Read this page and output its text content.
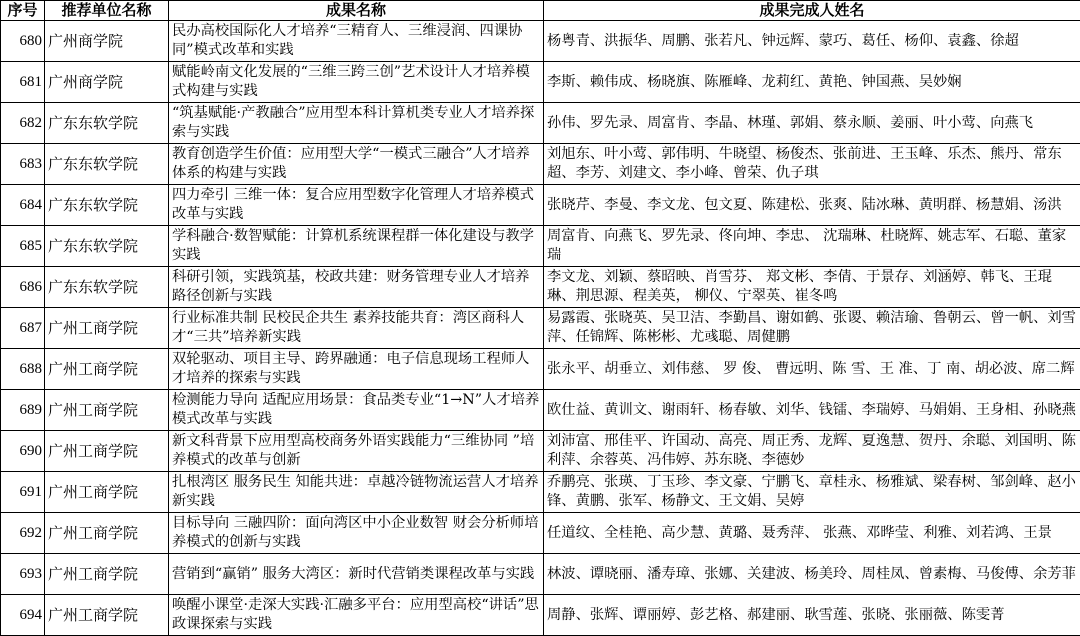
序号	推荐单位名称	成果名称	成果完成人姓名
680	广州商学院	民办高校国际化人才培养“三精育人、三维浸润、四课协同”模式改革和实践	杨粤青、洪振华、周鹏、张若凡、钟远辉、蒙巧、葛任、杨仰、袁鑫、徐超
681	广州商学院	赋能岭南文化发展的“三维三跨三创”艺术设计人才培养模式构建与实践	李斯、赖伟成、杨晓旗、陈雁峰、龙莉红、黄艳、钟国燕、吴妙娴
682	广东东软学院	“筑基赋能·产教融合”应用型本科计算机类专业人才培养探索与实践	孙伟、罗先录、周富肯、李晶、林瑾、郭娟、蔡永顺、姜丽、叶小莺、向燕飞
683	广东东软学院	教育创造学生价值：应用型大学“一模式三融合”人才培养体系的构建与实践	刘旭东、叶小莺、郭伟明、牛晓望、杨俊杰、张前进、王玉峰、乐杰、熊丹、常东超、李芳、刘建文、李小峰、曾荣、仇子琪
684	广东东软学院	四力牵引 三维一体：复合应用型数字化管理人才培养模式改革与实践	张晓芹、李曼、李文龙、包文夏、陈建松、张爽、陆冰琳、黄明群、杨慧娟、汤洪
685	广东东软学院	学科融合·数智赋能：计算机系统课程群一体化建设与教学实践	周富肯、向燕飞、罗先录、佟向坤、李忠、 沈瑞琳、杜晓辉、姚志军、石聪、董家瑞
686	广东东软学院	科研引领，实践筑基，校政共建：财务管理专业人才培养路径创新与实践	李文龙、刘颖、蔡昭映、肖雪芬、 郑文彬、李倩、于景存、刘涵婷、韩飞、王琨琳、荆思源、程美英， 柳仪、宁翠英、崔冬鸣
687	广州工商学院	行业标准共制 民校民企共生 素养技能共育：湾区商科人才“三共”培养新实践	易露霞、张晓英、吴卫洁、李勤昌、谢如鹤、张谡、赖洁瑜、鲁朝云、曾一帆、刘雪萍、任锦辉、陈彬彬、尤彧聪、周健鹏
688	广州工商学院	双轮驱动、项目主导、跨界融通：电子信息现场工程师人才培养的探索与实践	张永平、胡垂立、刘伟慈、 罗 俊、 曹远明、陈 雪、王 准、丁 南、胡必波、席二辉
689	广州工商学院	检测能力导向 适配应用场景：食品类专业“1→N”人才培养模式改革与实践	欧仕益、黄训文、谢雨轩、杨春敏、刘华、钱镭、李瑞婷、马娟娟、王身相、孙晓燕
690	广州工商学院	新文科背景下应用型高校商务外语实践能力“三维协同 ”培养模式的改革与创新	刘沛富、邢佳平、许国动、高亮、周正秀、龙辉、夏逸慧、贺丹、余聪、刘国明、陈利萍、余蓉英、冯伟婷、苏东晓、李德妙
691	广州工商学院	扎根湾区 服务民生 知能共进：卓越冷链物流运营人才培养新实践	乔鹏亮、张瑛、丁玉珍、李文豪、宁鹏飞、章桂永、杨雅斌、梁春树、邹剑峰、赵小锋、黄鹏、张军、杨静文、王文娟、吴婷
692	广州工商学院	目标导向 三融四阶：面向湾区中小企业数智 财会分析师培养模式的创新与实践	任道纹、全桂艳、高少慧、黄璐、聂秀萍、 张燕、邓晔莹、利雅、刘若鸿、王景
693	广州工商学院	营销到“赢销” 服务大湾区：新时代营销类课程改革与实践	林波、谭晓丽、潘寿璋、张娜、关建波、杨美玲、周桂凤、曾素梅、马俊傅、余芳菲
694	广州工商学院	唤醒小课堂·走深大实践·汇融多平台：应用型高校“讲话”思政课探索与实践	周静、张辉、谭丽婷、彭艺格、郝建丽、耿雪莲、张晓、张丽薇、陈雯菁
